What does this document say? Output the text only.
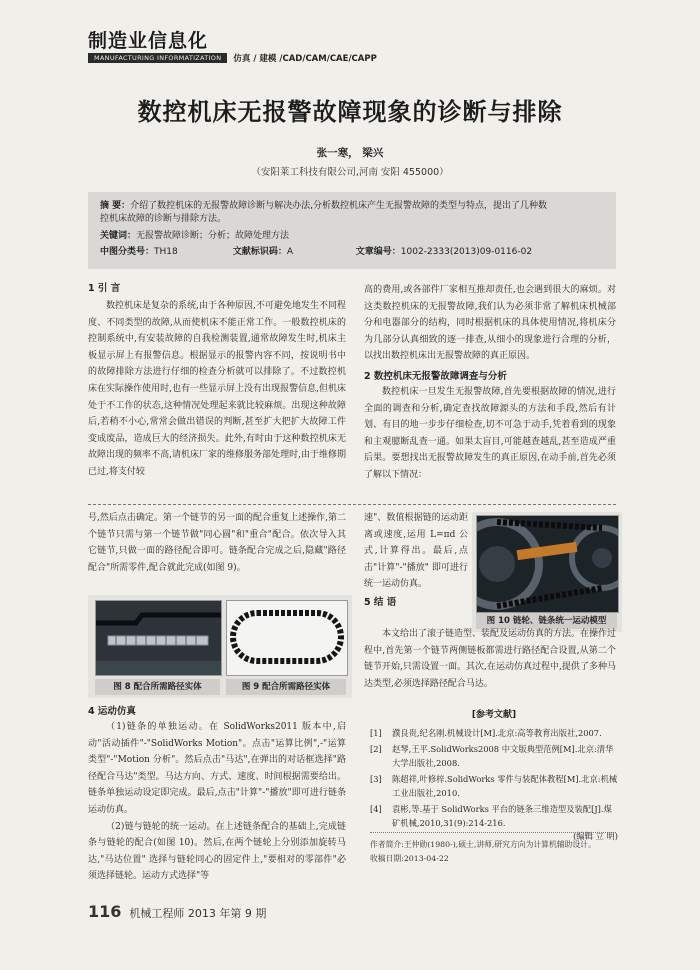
制造业信息化
MANUFACTURING INFORMATIZATION	仿真 / 建模 /CAD/CAM/CAE/CAPP
数控机床无报警故障现象的诊断与排除
张一寒， 梁兴
（安阳莱工科技有限公司,河南 安阳 455000）
摘 要：介绍了数控机床的无报警故障诊断与解决办法,分析数控机床产生无报警故障的类型与特点，提出了几种数
控机床故障的诊断与排除方法。
关键词：无报警故障诊断；分析；故障处理方法
中图分类号：TH18	文献标识码：A	文章编号：1002-2333(2013)09-0116-02
1 引 言

数控机床是复杂的系统,由于各种原因,不可避免地发生不同程度、不同类型的故障,从而使机床不能正常工作。一般数控机床的控制系统中,有安装故障的自我检测装置,通常故障发生时,机床主板显示屏上有报警信息。根据显示的报警内容不同，按说明书中的故障排除方法进行仔细的检查分析就可以排除了。不过数控机床在实际操作使用时,也有一些显示屏上没有出现报警信息,但机床处于不工作的状态,这种情况处理起来就比较麻烦。出现这种故障后,若稍不小心,常常会做出错误的判断,甚至扩大把扩大故障工件变成废品，造成巨大的经济损失。此外,有时由于这种数控机床无故障出现的频率不高,请机床厂家的维修服务部处理时,由于维修期已过,将支付较

高的费用,或各部件厂家相互推却责任,也会遇到很大的麻烦。对这类数控机床的无报警故障,我们认为必须非常了解机床机械部分和电器部分的结构，同时根据机床的具体使用情况,将机床分为几部分认真细致的逐一排查,从细小的现象进行合理的分析，以找出数控机床出无报警故障的真正原因。

2 数控机床无报警故障调查与分析

数控机床一旦发生无报警故障,首先要根据故障的情况,进行全面的调查和分析,确定查找故障源头的方法和手段,然后有计划、有目的地一步步仔细检查,切不可急于动手,凭着看到的现象和主观臆断乱查一通。如果太盲目,可能越查越乱,甚至造成严重后果。要想找出无报警故障发生的真正原因,在动手前,首先必须了解以下情况：

号,然后点击确定。第一个链节的另一面的配合重复上述操作,第二个链节只需与第一个链节做"同心圆"和"重合"配合。依次导入其它链节,只做一面的路径配合即可。链条配合完成之后,隐藏"路径配合"所需零件,配合就此完成(如图 9)。

图 8 配合所需路径实体	图 9 配合所需路径实体
4 运动仿真

（1)链条的单独运动。在 SolidWorks2011 版本中,启动"活动插件"-"SolidWorks Motion"。点击"运算比例",-"运算类型"-"Motion 分析"。然后点击"马达",在弹出的对话框选择"路径配合马达"类型。马达方向、方式、速度、时间根据需要给出。链条单独运动设定即完成。最后,点击"计算"-"播放"即可进行链条运动仿真。

（2)链与链轮的统一运动。在上述链条配合的基础上,完成链条与链轮的配合(如图 10)。然后,在两个链轮上分别添加旋转马达,"马达位置" 选择与链轮同心的固定件上,"要相对的零部件"必须选择链轮。运动方式选择"等

速"、数值根据链的运动距离或速度,运用 L=πd 公式,计算得出。最后,点击"计算"-"播放" 即可进行统一运动仿真。

5 结 语
图 10 链轮、链条统一运动模型

本文给出了滚子链造型、装配及运动仿真的方法。在操作过程中,首先第一个链节两侧链板都需进行路径配合设置,从第二个链节开始,只需设置一面。其次,在运动仿真过程中,提供了多种马达类型,必须选择路径配合马达。

[参考文献]
[1]	濮良贵,纪名刚.机械设计[M].北京:高等教育出版社,2007.
[2]	赵琴,王平.SolidWorks2008 中文版典型范例[M].北京:清华大学出版社,2008.
[3]	陈超祥,叶修梓.SolidWorks 零件与装配体教程[M].北京:机械工业出版社,2010.
[4]	袁彬,等.基于 SolidWorks 平台的链条三维造型及装配[J].煤矿机械,2010,31(9):214-216.
(编辑 立 明)
作者简介:王仲勋(1980-),硕士,讲师,研究方向为计算机辅助设计。
收稿日期:2013-04-22
116 机械工程师 2013 年第 9 期
